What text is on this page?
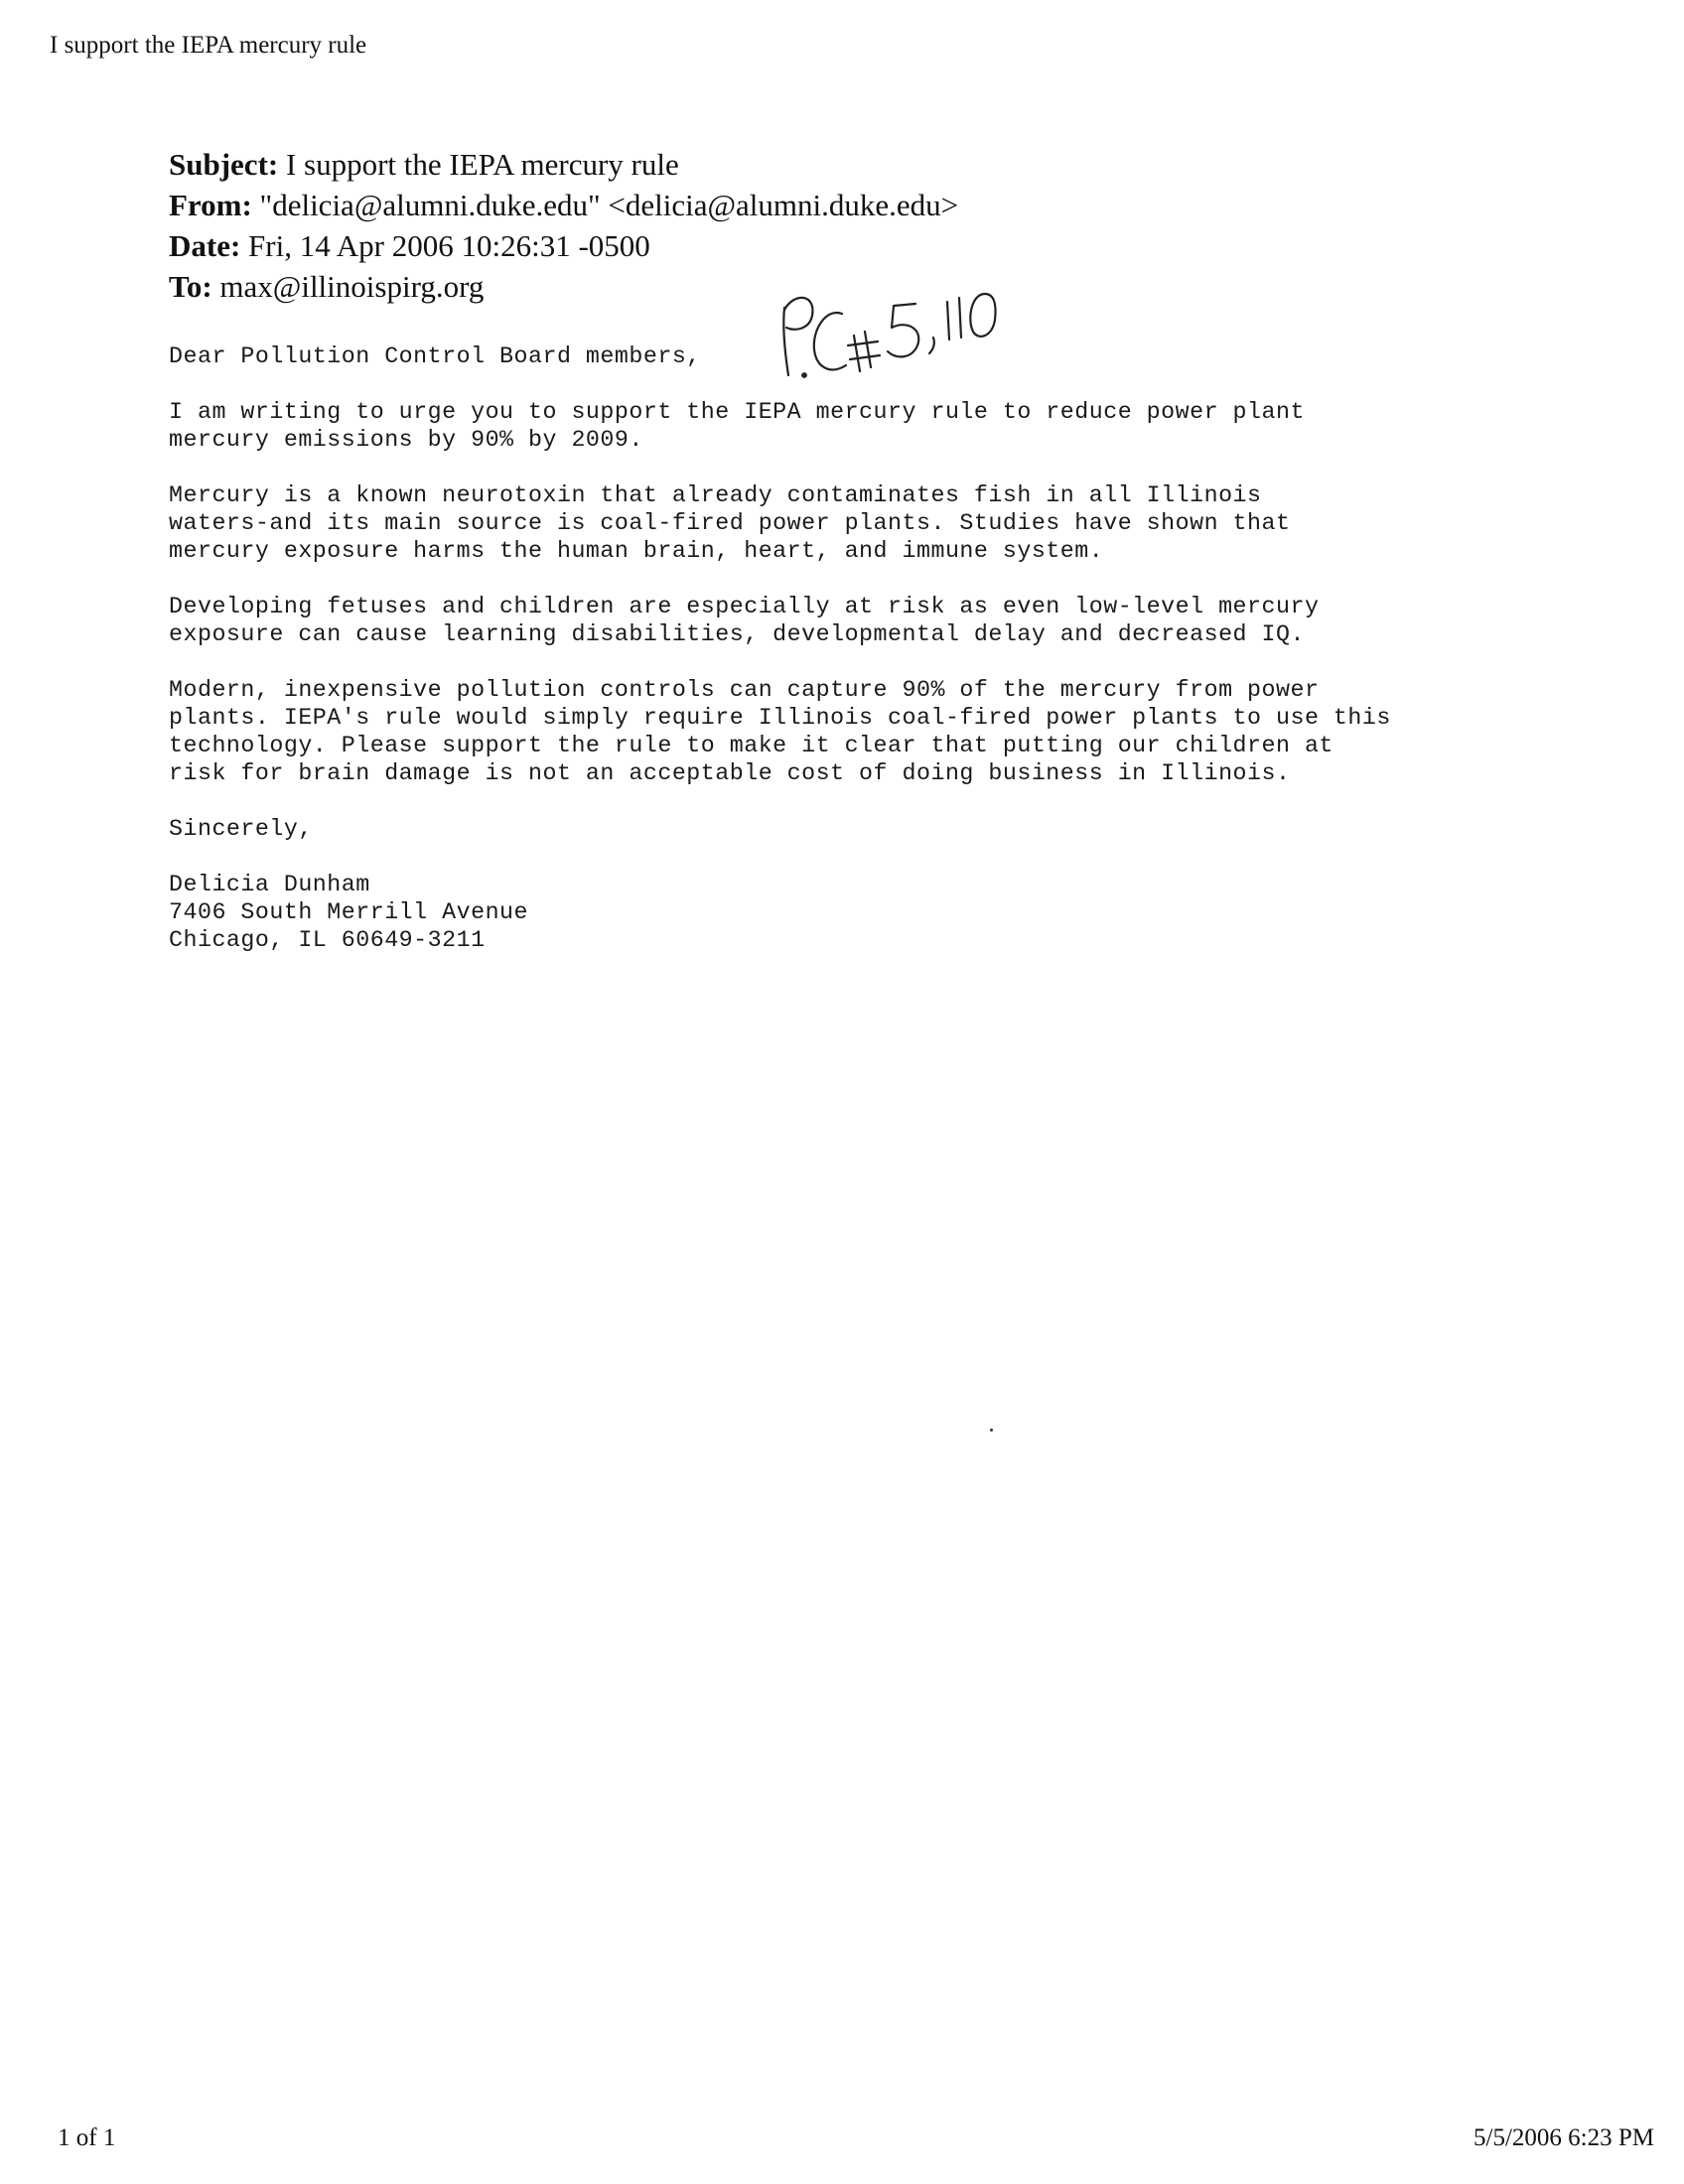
I support the IEPA mercury rule
Subject: I support the IEPA mercury rule
From: "delicia@alumni.duke.edu" <delicia@alumni.duke.edu>
Date: Fri, 14 Apr 2006 10:26:31 -0500
To: max@illinoispirg.org

Dear Pollution Control Board members,

I am writing to urge you to support the IEPA mercury rule to reduce power plant
mercury emissions by 90% by 2009.

Mercury is a known neurotoxin that already contaminates fish in all Illinois
waters-and its main source is coal-fired power plants. Studies have shown that
mercury exposure harms the human brain, heart, and immune system.

Developing fetuses and children are especially at risk as even low-level mercury
exposure can cause learning disabilities, developmental delay and decreased IQ.

Modern, inexpensive pollution controls can capture 90% of the mercury from power
plants. IEPA's rule would simply require Illinois coal-fired power plants to use this
technology. Please support the rule to make it clear that putting our children at
risk for brain damage is not an acceptable cost of doing business in Illinois.

Sincerely,

Delicia Dunham

7406 South Merrill Avenue

Chicago, IL 60649-3211

1 of 1	5/5/2006 6:23 PM
